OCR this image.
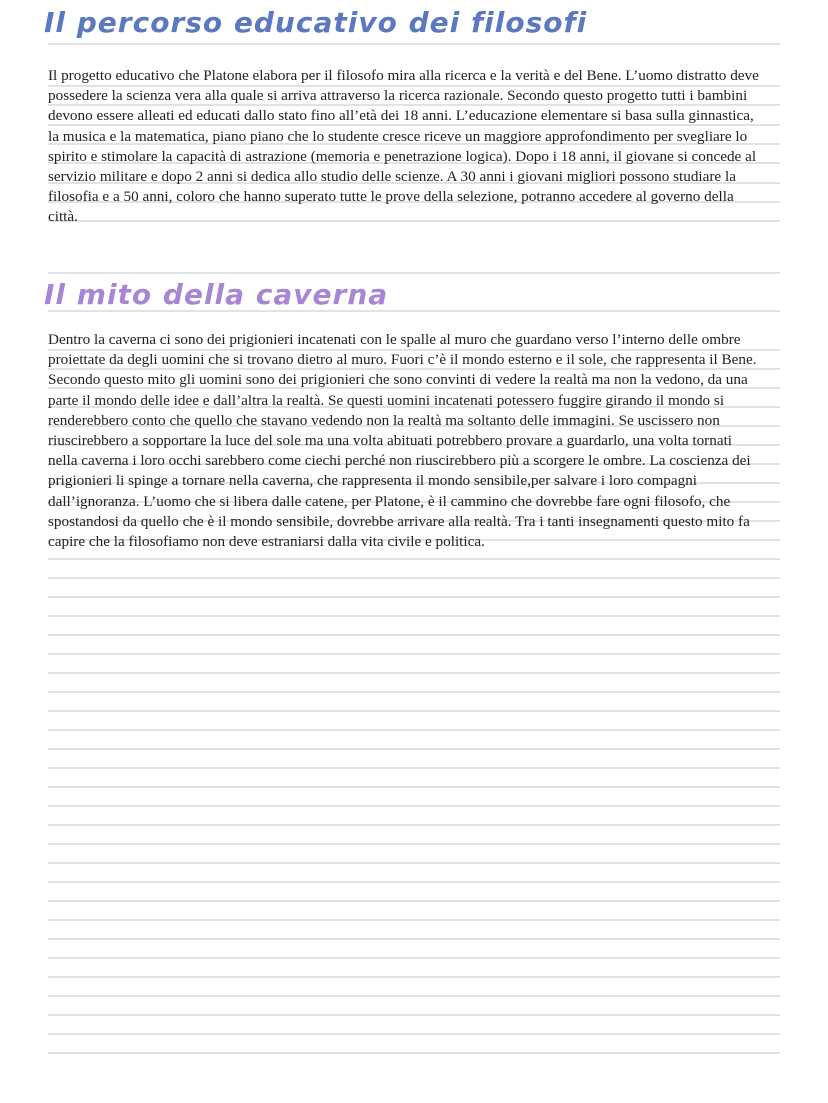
Il percorso educativo dei filosofi

Il progetto educativo che Platone elabora per il filosofo mira alla ricerca e la verità e del Bene. L’uomo distratto deve possedere la scienza vera alla quale si arriva attraverso la ricerca razionale. Secondo questo progetto tutti i bambini devono essere alleati ed educati dallo stato fino all’età dei 18 anni. L’educazione elementare si basa sulla ginnastica, la musica e la matematica, piano piano che lo studente cresce riceve un maggiore approfondimento per svegliare lo spirito e stimolare la capacità di astrazione (memoria e penetrazione logica). Dopo i 18 anni, il giovane si concede al servizio militare e dopo 2 anni si dedica allo studio delle scienze. A 30 anni i giovani migliori possono studiare la filosofia e a 50 anni, coloro che hanno superato tutte le prove della selezione, potranno accedere al governo della città.

Il mito della caverna

Dentro la caverna ci sono dei prigionieri incatenati con le spalle al muro che guardano verso l’interno delle ombre proiettate da degli uomini che si trovano dietro al muro. Fuori c’è il mondo esterno e il sole, che rappresenta il Bene. Secondo questo mito gli uomini sono dei prigionieri che sono convinti di vedere la realtà ma non la vedono, da una parte il mondo delle idee e dall’altra la realtà. Se questi uomini incatenati potessero fuggire girando il mondo si renderebbero conto che quello che stavano vedendo non la realtà ma soltanto delle immagini. Se uscissero non riuscirebbero a sopportare la luce del sole ma una volta abituati potrebbero provare a guardarlo, una volta tornati nella caverna i loro occhi sarebbero come ciechi perché non riuscirebbero più a scorgere le ombre. La coscienza dei prigionieri li spinge a tornare nella caverna, che rappresenta il mondo sensibile,per salvare i loro compagni dall’ignoranza. L’uomo che si libera dalle catene, per Platone, è il cammino che dovrebbe fare ogni filosofo, che spostandosi da quello che è il mondo sensibile, dovrebbe arrivare alla realtà. Tra i tanti insegnamenti questo mito fa capire che la filosofiamo non deve estraniarsi dalla vita civile e politica.
